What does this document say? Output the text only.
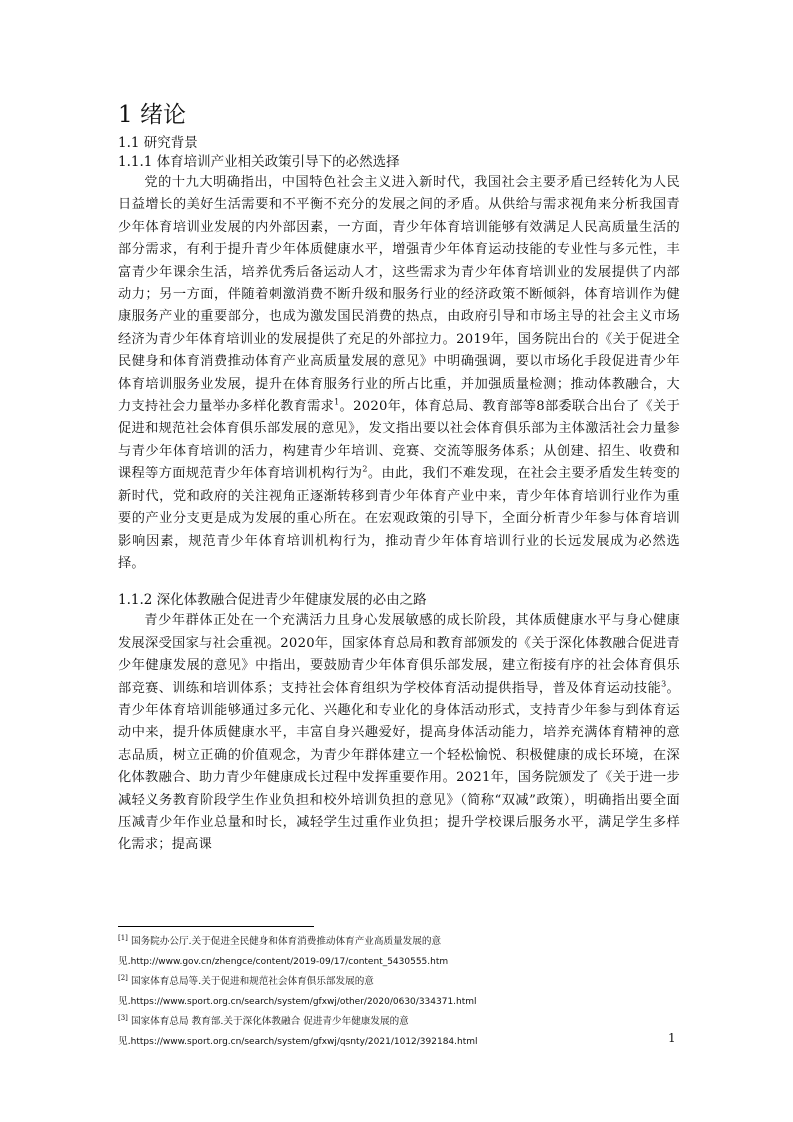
1 绪论
1.1 研究背景
1.1.1 体育培训产业相关政策引导下的必然选择

党的十九大明确指出，中国特色社会主义进入新时代，我国社会主要矛盾已经转化为人民日益增长的美好生活需要和不平衡不充分的发展之间的矛盾。从供给与需求视角来分析我国青少年体育培训业发展的内外部因素，一方面，青少年体育培训能够有效满足人民高质量生活的部分需求，有利于提升青少年体质健康水平，增强青少年体育运动技能的专业性与多元性，丰富青少年课余生活，培养优秀后备运动人才，这些需求为青少年体育培训业的发展提供了内部动力；另一方面，伴随着刺激消费不断升级和服务行业的经济政策不断倾斜，体育培训作为健康服务产业的重要部分，也成为激发国民消费的热点，由政府引导和市场主导的社会主义市场经济为青少年体育培训业的发展提供了充足的外部拉力。2019年，国务院出台的《关于促进全民健身和体育消费推动体育产业高质量发展的意见》中明确强调，要以市场化手段促进青少年体育培训服务业发展，提升在体育服务行业的所占比重，并加强质量检测；推动体教融合，大力支持社会力量举办多样化教育需求$^1$。2020年，体育总局、教育部等8部委联合出台了《关于促进和规范社会体育俱乐部发展的意见》，发文指出要以社会体育俱乐部为主体激活社会力量参与青少年体育培训的活力，构建青少年培训、竞赛、交流等服务体系；从创建、招生、收费和课程等方面规范青少年体育培训机构行为$^2$。由此，我们不难发现，在社会主要矛盾发生转变的新时代，党和政府的关注视角正逐渐转移到青少年体育产业中来，青少年体育培训行业作为重要的产业分支更是成为发展的重心所在。在宏观政策的引导下，全面分析青少年参与体育培训影响因素，规范青少年体育培训机构行为，推动青少年体育培训行业的长远发展成为必然选择。

1.1.2 深化体教融合促进青少年健康发展的必由之路

青少年群体正处在一个充满活力且身心发展敏感的成长阶段，其体质健康水平与身心健康发展深受国家与社会重视。2020年，国家体育总局和教育部颁发的《关于深化体教融合促进青少年健康发展的意见》中指出，要鼓励青少年体育俱乐部发展，建立衔接有序的社会体育俱乐部竞赛、训练和培训体系；支持社会体育组织为学校体育活动提供指导，普及体育运动技能$^3$。青少年体育培训能够通过多元化、兴趣化和专业化的身体活动形式，支持青少年参与到体育运动中来，提升体质健康水平，丰富自身兴趣爱好，提高身体活动能力，培养充满体育精神的意志品质，树立正确的价值观念，为青少年群体建立一个轻松愉悦、积极健康的成长环境，在深化体教融合、助力青少年健康成长过程中发挥重要作用。2021年，国务院颁发了《关于进一步减轻义务教育阶段学生作业负担和校外培训负担的意见》（简称“双减”政策），明确指出要全面压减青少年作业总量和时长，减轻学生过重作业负担；提升学校课后服务水平，满足学生多样化需求；提高课

[1] 国务院办公厅.关于促进全民健身和体育消费推动体育产业高质量发展的意
见.http://www.gov.cn/zhengce/content/2019-09/17/content_5430555.htm
[2] 国家体育总局等.关于促进和规范社会体育俱乐部发展的意
见.https://www.sport.org.cn/search/system/gfxwj/other/2020/0630/334371.html
[3] 国家体育总局 教育部.关于深化体教融合 促进青少年健康发展的意
见.https://www.sport.org.cn/search/system/gfxwj/qsnty/2021/1012/392184.html	1
